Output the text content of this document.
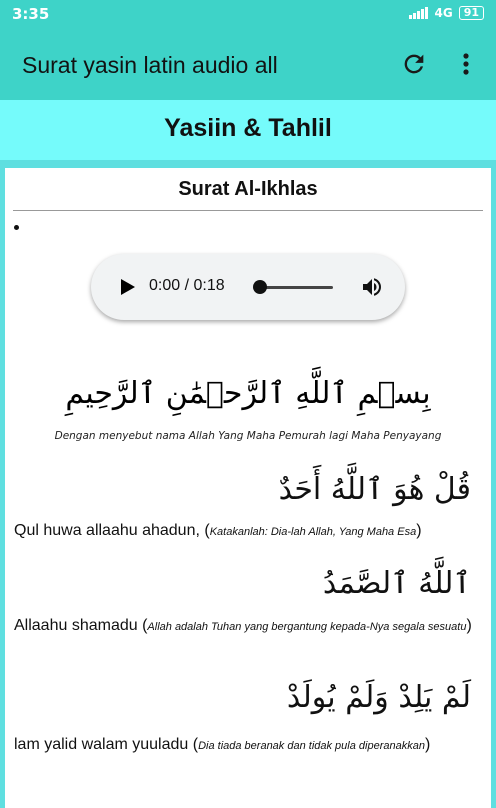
3:35	4G	91
Surat yasin latin audio all
Yasiin & Tahlil
Surat Al-Ikhlas
0:00 / 0:18
بِسۡمِ ٱللَّهِ ٱلرَّحۡمَٰنِ ٱلرَّحِيمِ
Dengan menyebut nama Allah Yang Maha Pemurah lagi Maha Penyayang
قُلْ هُوَ ٱللَّهُ أَحَدٌ
Qul huwa allaahu ahadun, (Katakanlah: Dia-lah Allah, Yang Maha Esa)
ٱللَّهُ ٱلصَّمَدُ
Allaahu shamadu (Allah adalah Tuhan yang bergantung kepada-Nya segala sesuatu)
لَمْ يَلِدْ وَلَمْ يُولَدْ
lam yalid walam yuuladu (Dia tiada beranak dan tidak pula diperanakkan)
